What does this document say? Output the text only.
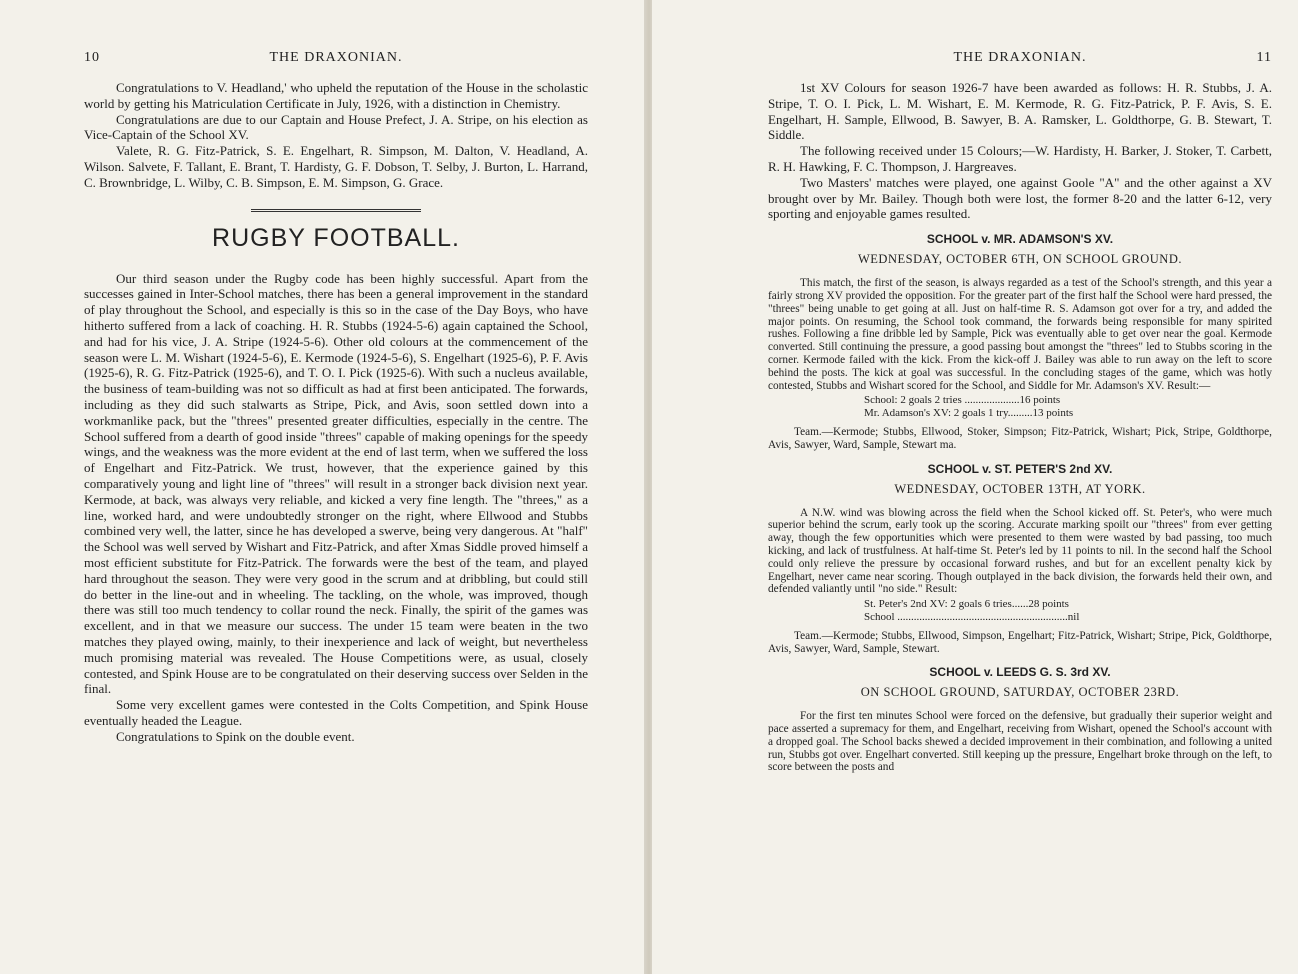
10	THE DRAXONIAN.

Congratulations to V. Headland,' who upheld the reputation of the House in the scholastic world by getting his Matriculation Certificate in July, 1926, with a distinction in Chemistry.

Congratulations are due to our Captain and House Prefect, J. A. Stripe, on his election as Vice-Captain of the School XV.

Valete, R. G. Fitz-Patrick, S. E. Engelhart, R. Simpson, M. Dalton, V. Headland, A. Wilson. Salvete, F. Tallant, E. Brant, T. Hardisty, G. F. Dobson, T. Selby, J. Burton, L. Harrand, C. Brownbridge, L. Wilby, C. B. Simpson, E. M. Simpson, G. Grace.

RUGBY FOOTBALL.

Our third season under the Rugby code has been highly successful. Apart from the successes gained in Inter-School matches, there has been a general improvement in the standard of play throughout the School, and especially is this so in the case of the Day Boys, who have hitherto suffered from a lack of coaching. H. R. Stubbs (1924-5-6) again captained the School, and had for his vice, J. A. Stripe (1924-5-6). Other old colours at the commencement of the season were L. M. Wishart (1924-5-6), E. Kermode (1924-5-6), S. Engelhart (1925-6), P. F. Avis (1925-6), R. G. Fitz-Patrick (1925-6), and T. O. I. Pick (1925-6). With such a nucleus available, the business of team-building was not so difficult as had at first been anticipated. The forwards, including as they did such stalwarts as Stripe, Pick, and Avis, soon settled down into a workmanlike pack, but the "threes" presented greater difficulties, especially in the centre. The School suffered from a dearth of good inside "threes" capable of making openings for the speedy wings, and the weakness was the more evident at the end of last term, when we suffered the loss of Engelhart and Fitz-Patrick. We trust, however, that the experience gained by this comparatively young and light line of "threes" will result in a stronger back division next year. Kermode, at back, was always very reliable, and kicked a very fine length. The "threes," as a line, worked hard, and were undoubtedly stronger on the right, where Ellwood and Stubbs combined very well, the latter, since he has developed a swerve, being very dangerous. At "half" the School was well served by Wishart and Fitz-Patrick, and after Xmas Siddle proved himself a most efficient substitute for Fitz-Patrick. The forwards were the best of the team, and played hard throughout the season. They were very good in the scrum and at dribbling, but could still do better in the line-out and in wheeling. The tackling, on the whole, was improved, though there was still too much tendency to collar round the neck. Finally, the spirit of the games was excellent, and in that we measure our success. The under 15 team were beaten in the two matches they played owing, mainly, to their inexperience and lack of weight, but nevertheless much promising material was revealed. The House Competitions were, as usual, closely contested, and Spink House are to be congratulated on their deserving success over Selden in the final.

Some very excellent games were contested in the Colts Competition, and Spink House eventually headed the League.

Congratulations to Spink on the double event.

THE DRAXONIAN.	11

1st XV Colours for season 1926-7 have been awarded as follows: H. R. Stubbs, J. A. Stripe, T. O. I. Pick, L. M. Wishart, E. M. Kermode, R. G. Fitz-Patrick, P. F. Avis, S. E. Engelhart, H. Sample, Ellwood, B. Sawyer, B. A. Ramsker, L. Goldthorpe, G. B. Stewart, T. Siddle.

The following received under 15 Colours;—W. Hardisty, H. Barker, J. Stoker, T. Carbett, R. H. Hawking, F. C. Thompson, J. Hargreaves.

Two Masters' matches were played, one against Goole "A" and the other against a XV brought over by Mr. Bailey. Though both were lost, the former 8-20 and the latter 6-12, very sporting and enjoyable games resulted.

SCHOOL v. MR. ADAMSON'S XV.
WEDNESDAY, OCTOBER 6TH, ON SCHOOL GROUND.

This match, the first of the season, is always regarded as a test of the School's strength, and this year a fairly strong XV provided the opposition. For the greater part of the first half the School were hard pressed, the "threes" being unable to get going at all. Just on half-time R. S. Adamson got over for a try, and added the major points. On resuming, the School took command, the forwards being responsible for many spirited rushes. Following a fine dribble led by Sample, Pick was eventually able to get over near the goal. Kermode converted. Still continuing the pressure, a good passing bout amongst the "threes" led to Stubbs scoring in the corner. Kermode failed with the kick. From the kick-off J. Bailey was able to run away on the left to score behind the posts. The kick at goal was successful. In the concluding stages of the game, which was hotly contested, Stubbs and Wishart scored for the School, and Siddle for Mr. Adamson's XV. Result:—

School: 2 goals 2 tries ....................16 points
Mr. Adamson's XV: 2 goals 1 try.........13 points

Team.—Kermode; Stubbs, Ellwood, Stoker, Simpson; Fitz-Patrick, Wishart; Pick, Stripe, Goldthorpe, Avis, Sawyer, Ward, Sample, Stewart ma.

SCHOOL v. ST. PETER'S 2nd XV.
WEDNESDAY, OCTOBER 13TH, AT YORK.

A N.W. wind was blowing across the field when the School kicked off. St. Peter's, who were much superior behind the scrum, early took up the scoring. Accurate marking spoilt our "threes" from ever getting away, though the few opportunities which were presented to them were wasted by bad passing, too much kicking, and lack of trustfulness. At half-time St. Peter's led by 11 points to nil. In the second half the School could only relieve the pressure by occasional forward rushes, and but for an excellent penalty kick by Engelhart, never came near scoring. Though outplayed in the back division, the forwards held their own, and defended valiantly until "no side." Result:

St. Peter's 2nd XV: 2 goals 6 tries......28 points
School ..............................................................nil

Team.—Kermode; Stubbs, Ellwood, Simpson, Engelhart; Fitz-Patrick, Wishart; Stripe, Pick, Goldthorpe, Avis, Sawyer, Ward, Sample, Stewart.

SCHOOL v. LEEDS G. S. 3rd XV.
ON SCHOOL GROUND, SATURDAY, OCTOBER 23RD.

For the first ten minutes School were forced on the defensive, but gradually their superior weight and pace asserted a supremacy for them, and Engelhart, receiving from Wishart, opened the School's account with a dropped goal. The School backs shewed a decided improvement in their combination, and following a united run, Stubbs got over. Engelhart converted. Still keeping up the pressure, Engelhart broke through on the left, to score between the posts and
